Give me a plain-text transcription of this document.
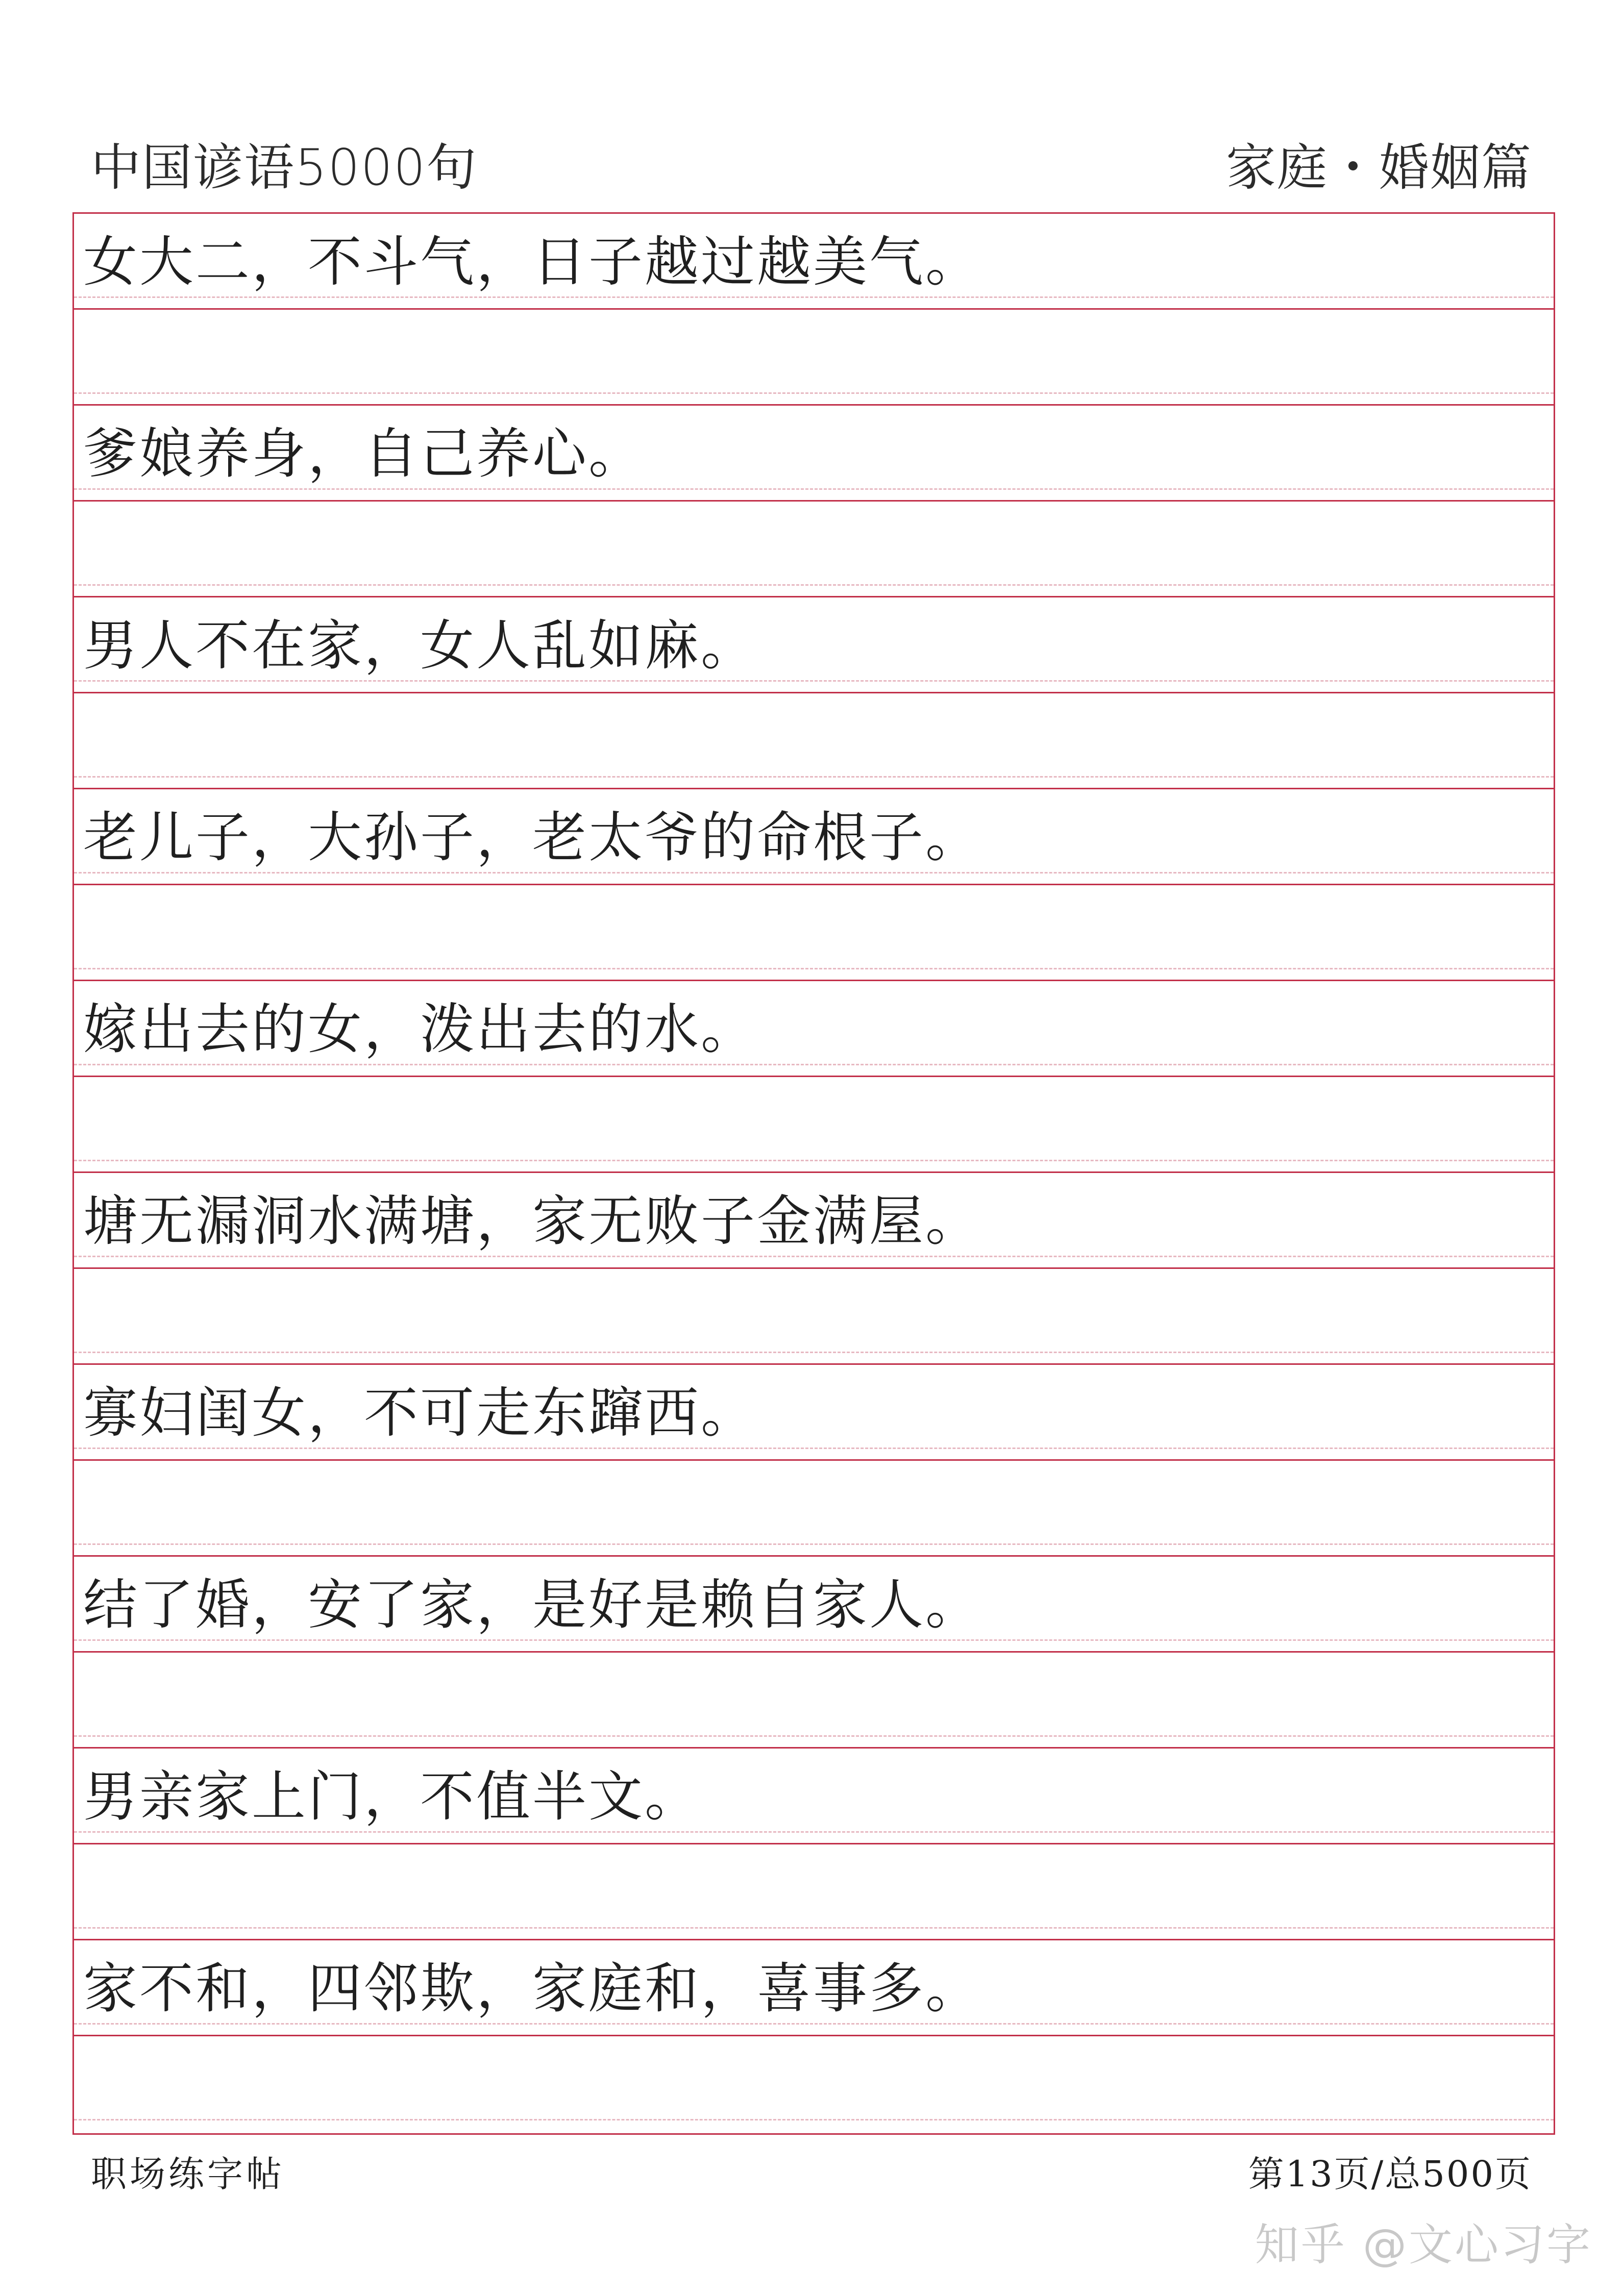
中国谚语5000句	家庭・婚姻篇
女大二，不斗气，日子越过越美气。
爹娘养身，自己养心。
男人不在家，女人乱如麻。
老儿子，大孙子，老太爷的命根子。
嫁出去的女，泼出去的水。
塘无漏洞水满塘，家无败子金满屋。
寡妇闺女，不可走东蹿西。
结了婚，安了家，是好是赖自家人。
男亲家上门，不值半文。
家不和，四邻欺，家庭和，喜事多。
职场练字帖	第13页/总500页
知乎 @文心习字
